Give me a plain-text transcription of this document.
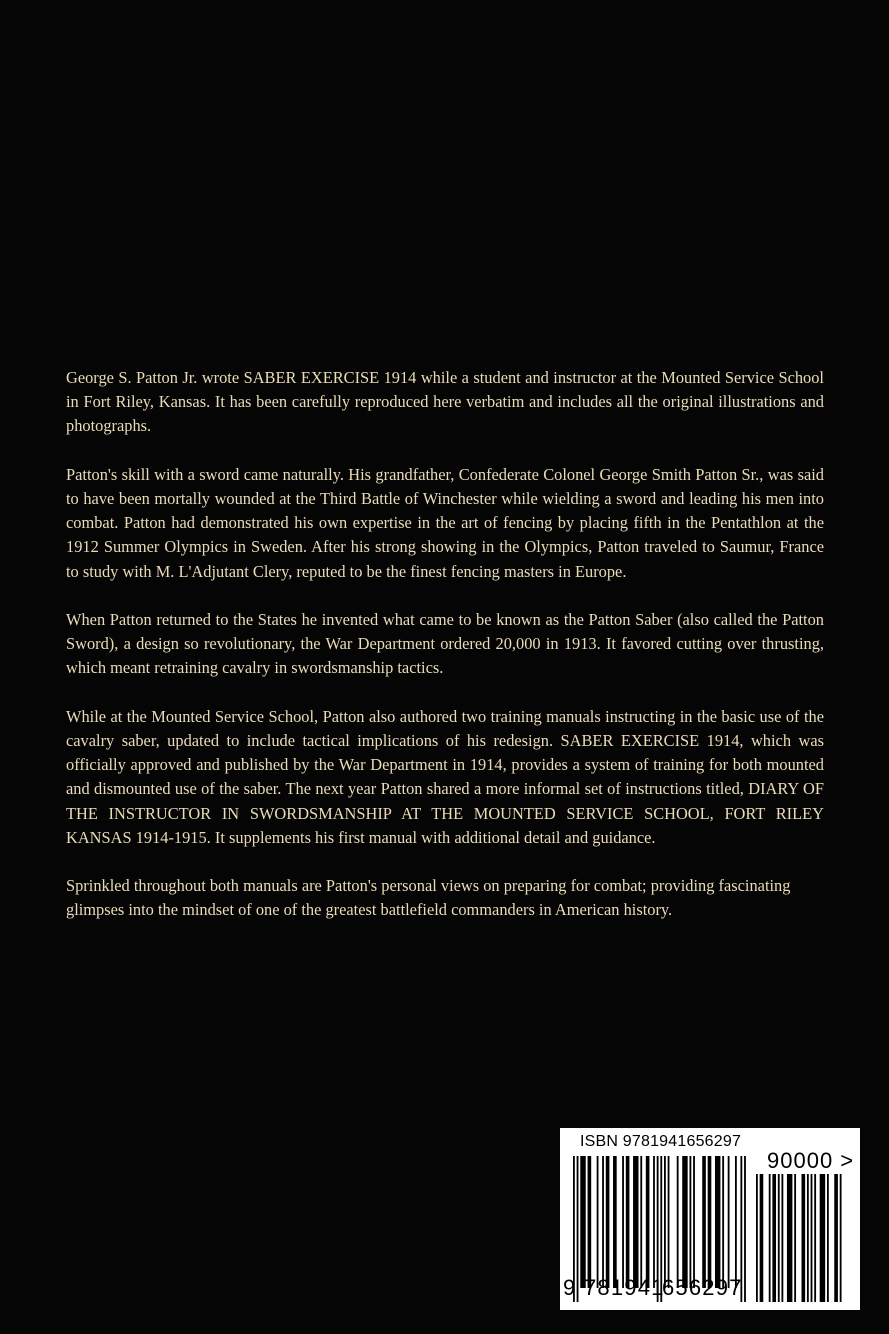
George S. Patton Jr. wrote SABER EXERCISE 1914 while a student and instructor at the Mounted Service School in Fort Riley, Kansas. It has been carefully reproduced here verbatim and includes all the original illustrations and photographs.

Patton's skill with a sword came naturally. His grandfather, Confederate Colonel George Smith Patton Sr., was said to have been mortally wounded at the Third Battle of Winchester while wielding a sword and leading his men into combat. Patton had demonstrated his own expertise in the art of fencing by placing fifth in the Pentathlon at the 1912 Summer Olympics in Sweden. After his strong showing in the Olympics, Patton traveled to Saumur, France to study with M. L'Adjutant Clery, reputed to be the finest fencing masters in Europe.

When Patton returned to the States he invented what came to be known as the Patton Saber (also called the Patton Sword), a design so revolutionary, the War Department ordered 20,000 in 1913. It favored cutting over thrusting, which meant retraining cavalry in swordsmanship tactics.

While at the Mounted Service School, Patton also authored two training manuals instructing in the basic use of the cavalry saber, updated to include tactical implications of his redesign. SABER EXERCISE 1914, which was officially approved and published by the War Department in 1914, provides a system of training for both mounted and dismounted use of the saber. The next year Patton shared a more informal set of instructions titled, DIARY OF THE INSTRUCTOR IN SWORDSMANSHIP AT THE MOUNTED SERVICE SCHOOL, FORT RILEY KANSAS 1914-1915. It supplements his first manual with additional detail and guidance.

Sprinkled throughout both manuals are Patton's personal views on preparing for combat; providing fascinating glimpses into the mindset of one of the greatest battlefield commanders in American history.

ISBN 9781941656297
90000 >
9 781941
656297
